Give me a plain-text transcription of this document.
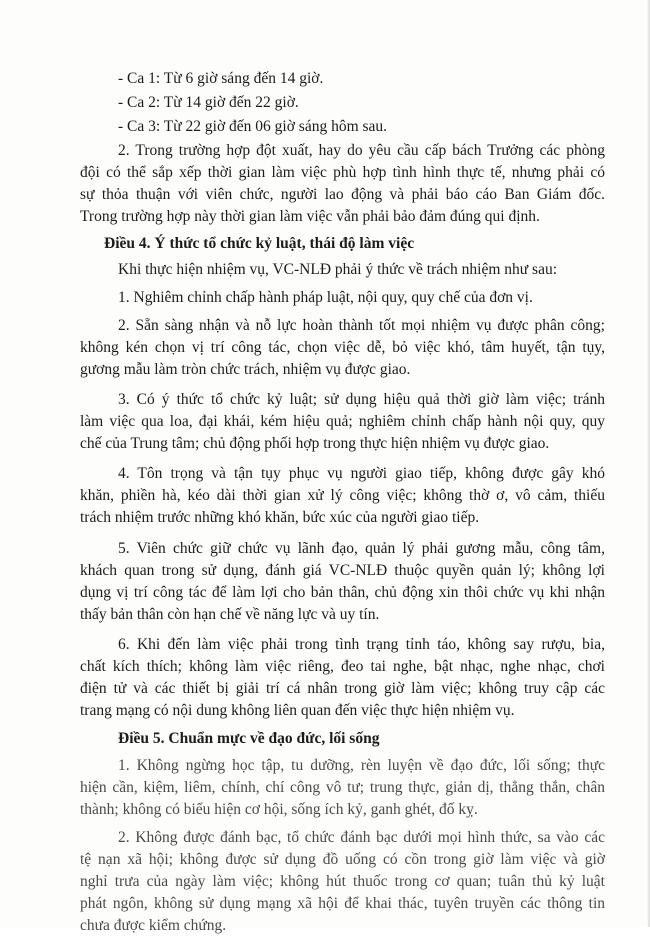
- Ca 1: Từ 6 giờ sáng đến 14 giờ.
- Ca 2: Từ 14 giờ đến 22 giờ.
- Ca 3: Từ 22 giờ đến 06 giờ sáng hôm sau.
2. Trong trường hợp đột xuất, hay do yêu cầu cấp bách Trưởng các phòng
đội có thể sắp xếp thời gian làm việc phù hợp tình hình thực tế, nhưng phải có
sự thỏa thuận với viên chức, người lao động và phải báo cáo Ban Giám đốc.
Trong trường hợp này thời gian làm việc vẫn phải bảo đảm đúng qui định.
Điều 4. Ý thức tổ chức kỷ luật, thái độ làm việc
Khi thực hiện nhiệm vụ, VC-NLĐ phải ý thức về trách nhiệm như sau:
1. Nghiêm chỉnh chấp hành pháp luật, nội quy, quy chế của đơn vị.
2. Sẵn sàng nhận và nỗ lực hoàn thành tốt mọi nhiệm vụ được phân công;
không kén chọn vị trí công tác, chọn việc dễ, bỏ việc khó, tâm huyết, tận tụy,
gương mẫu làm tròn chức trách, nhiệm vụ được giao.
3. Có ý thức tổ chức kỷ luật; sử dụng hiệu quả thời giờ làm việc; tránh
làm việc qua loa, đại khái, kém hiệu quả; nghiêm chỉnh chấp hành nội quy, quy
chế của Trung tâm; chủ động phối hợp trong thực hiện nhiệm vụ được giao.
4. Tôn trọng và tận tụy phục vụ người giao tiếp, không được gây khó
khăn, phiền hà, kéo dài thời gian xử lý công việc; không thờ ơ, vô cảm, thiếu
trách nhiệm trước những khó khăn, bức xúc của người giao tiếp.
5. Viên chức giữ chức vụ lãnh đạo, quản lý phải gương mẫu, công tâm,
khách quan trong sử dụng, đánh giá VC-NLĐ thuộc quyền quản lý; không lợi
dụng vị trí công tác để làm lợi cho bản thân, chủ động xin thôi chức vụ khi nhận
thấy bản thân còn hạn chế về năng lực và uy tín.
6. Khi đến làm việc phải trong tình trạng tỉnh táo, không say rượu, bia,
chất kích thích; không làm việc riêng, đeo tai nghe, bật nhạc, nghe nhạc, chơi
điện tử và các thiết bị giải trí cá nhân trong giờ làm việc; không truy cập các
trang mạng có nội dung không liên quan đến việc thực hiện nhiệm vụ.
Điều 5. Chuẩn mực về đạo đức, lối sống
1. Không ngừng học tập, tu dưỡng, rèn luyện về đạo đức, lối sống; thực
hiện cần, kiệm, liêm, chính, chí công vô tư; trung thực, giản dị, thẳng thắn, chân
thành; không có biểu hiện cơ hội, sống ích kỷ, ganh ghét, đố kỵ.
2. Không được đánh bạc, tổ chức đánh bạc dưới mọi hình thức, sa vào các
tệ nạn xã hội; không được sử dụng đồ uống có cồn trong giờ làm việc và giờ
nghỉ trưa của ngày làm việc; không hút thuốc trong cơ quan; tuân thủ kỷ luật
phát ngôn, không sử dụng mạng xã hội để khai thác, tuyên truyền các thông tin
chưa được kiểm chứng.
